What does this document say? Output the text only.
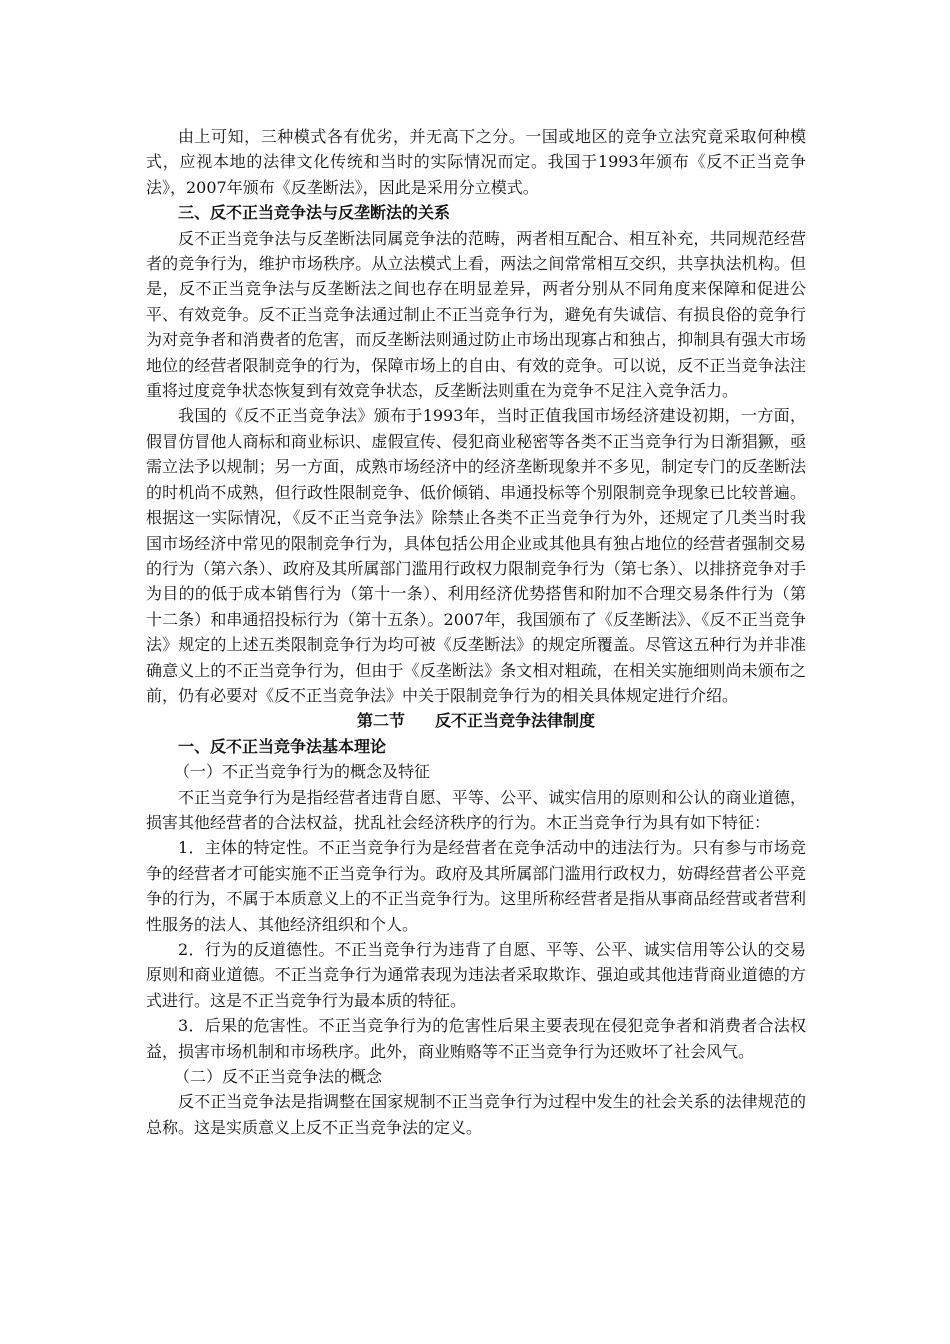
由上可知，三种模式各有优劣，并无高下之分。一国或地区的竞争立法究竟采取何种模式，应视本地的法律文化传统和当时的实际情况而定。我国于1993年颁布《反不正当竞争法》，2007年颁布《反垄断法》，因此是采用分立模式。

三、反不正当竞争法与反垄断法的关系

反不正当竞争法与反垄断法同属竞争法的范畴，两者相互配合、相互补充，共同规范经营者的竞争行为，维护市场秩序。从立法模式上看，两法之间常常相互交织，共享执法机构。但是，反不正当竞争法与反垄断法之间也存在明显差异，两者分别从不同角度来保障和促进公平、有效竞争。反不正当竞争法通过制止不正当竞争行为，避免有失诚信、有损良俗的竞争行为对竞争者和消费者的危害，而反垄断法则通过防止市场出现寡占和独占，抑制具有强大市场地位的经营者限制竞争的行为，保障市场上的自由、有效的竞争。可以说，反不正当竞争法注重将过度竞争状态恢复到有效竞争状态，反垄断法则重在为竞争不足注入竞争活力。

我国的《反不正当竞争法》颁布于1993年，当时正值我国市场经济建设初期，一方面，假冒仿冒他人商标和商业标识、虚假宣传、侵犯商业秘密等各类不正当竞争行为日渐猖獗，亟需立法予以规制；另一方面，成熟市场经济中的经济垄断现象并不多见，制定专门的反垄断法的时机尚不成熟，但行政性限制竞争、低价倾销、串通投标等个别限制竞争现象已比较普遍。根据这一实际情况，《反不正当竞争法》除禁止各类不正当竞争行为外，还规定了几类当时我国市场经济中常见的限制竞争行为，具体包括公用企业或其他具有独占地位的经营者强制交易的行为（第六条）、政府及其所属部门滥用行政权力限制竞争行为（第七条）、以排挤竞争对手为目的的低于成本销售行为（第十一条）、利用经济优势搭售和附加不合理交易条件行为（第十二条）和串通招投标行为（第十五条）。2007年，我国颁布了《反垄断法》、《反不正当竞争法》规定的上述五类限制竞争行为均可被《反垄断法》的规定所覆盖。尽管这五种行为并非准确意义上的不正当竞争行为，但由于《反垄断法》条文相对粗疏，在相关实施细则尚未颁布之前，仍有必要对《反不正当竞争法》中关于限制竞争行为的相关具体规定进行介绍。

第二节 反不正当竞争法律制度

一、反不正当竞争法基本理论

（一）不正当竞争行为的概念及特征

不正当竞争行为是指经营者违背自愿、平等、公平、诚实信用的原则和公认的商业道德，损害其他经营者的合法权益，扰乱社会经济秩序的行为。木正当竞争行为具有如下特征：

1．主体的特定性。不正当竞争行为是经营者在竞争活动中的违法行为。只有参与市场竞争的经营者才可能实施不正当竞争行为。政府及其所属部门滥用行政权力，妨碍经营者公平竞争的行为，不属于本质意义上的不正当竞争行为。这里所称经营者是指从事商品经营或者营利性服务的法人、其他经济组织和个人。

2．行为的反道德性。不正当竞争行为违背了自愿、平等、公平、诚实信用等公认的交易原则和商业道德。不正当竞争行为通常表现为违法者采取欺诈、强迫或其他违背商业道德的方式进行。这是不正当竞争行为最本质的特征。

3．后果的危害性。不正当竞争行为的危害性后果主要表现在侵犯竞争者和消费者合法权益，损害市场机制和市场秩序。此外，商业贿赂等不正当竞争行为还败坏了社会风气。

（二）反不正当竞争法的概念

反不正当竞争法是指调整在国家规制不正当竞争行为过程中发生的社会关系的法律规范的总称。这是实质意义上反不正当竞争法的定义。
